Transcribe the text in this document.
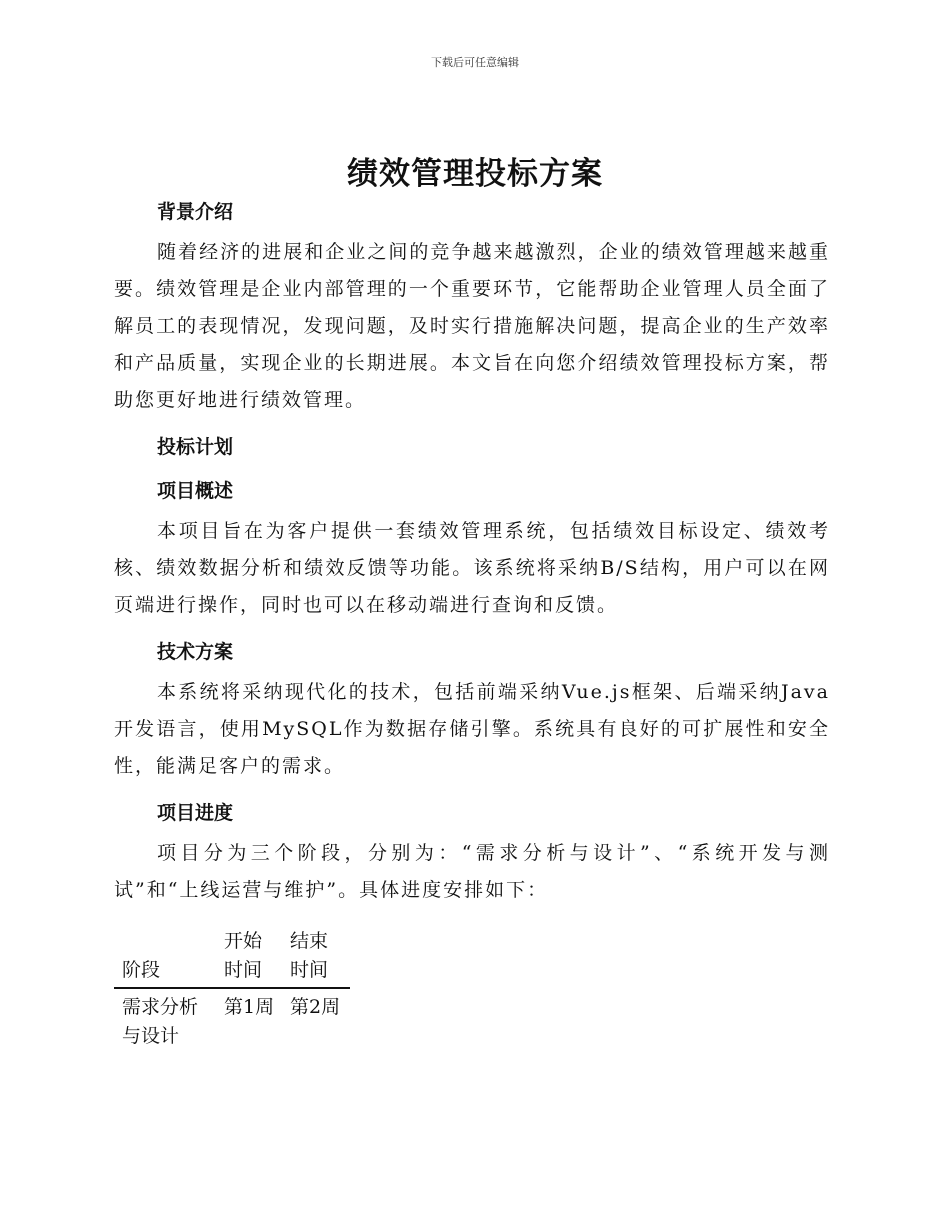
下载后可任意编辑
绩效管理投标方案
背景介绍

随着经济的进展和企业之间的竞争越来越激烈，企业的绩效管理越来越重要。绩效管理是企业内部管理的一个重要环节，它能帮助企业管理人员全面了解员工的表现情况，发现问题，及时实行措施解决问题，提高企业的生产效率和产品质量，实现企业的长期进展。本文旨在向您介绍绩效管理投标方案，帮助您更好地进行绩效管理。

投标计划
项目概述

本项目旨在为客户提供一套绩效管理系统，包括绩效目标设定、绩效考核、绩效数据分析和绩效反馈等功能。该系统将采纳B/S结构，用户可以在网页端进行操作，同时也可以在移动端进行查询和反馈。

技术方案

本系统将采纳现代化的技术，包括前端采纳Vue.js框架、后端采纳Java开发语言，使用MySQL作为数据存储引擎。系统具有良好的可扩展性和安全性，能满足客户的需求。

项目进度

项目分为三个阶段，分别为：“需求分析与设计”、“系统开发与测试”和“上线运营与维护”。具体进度安排如下：

阶段	开始时间	结束时间
需求分析与设计	第1周	第2周
